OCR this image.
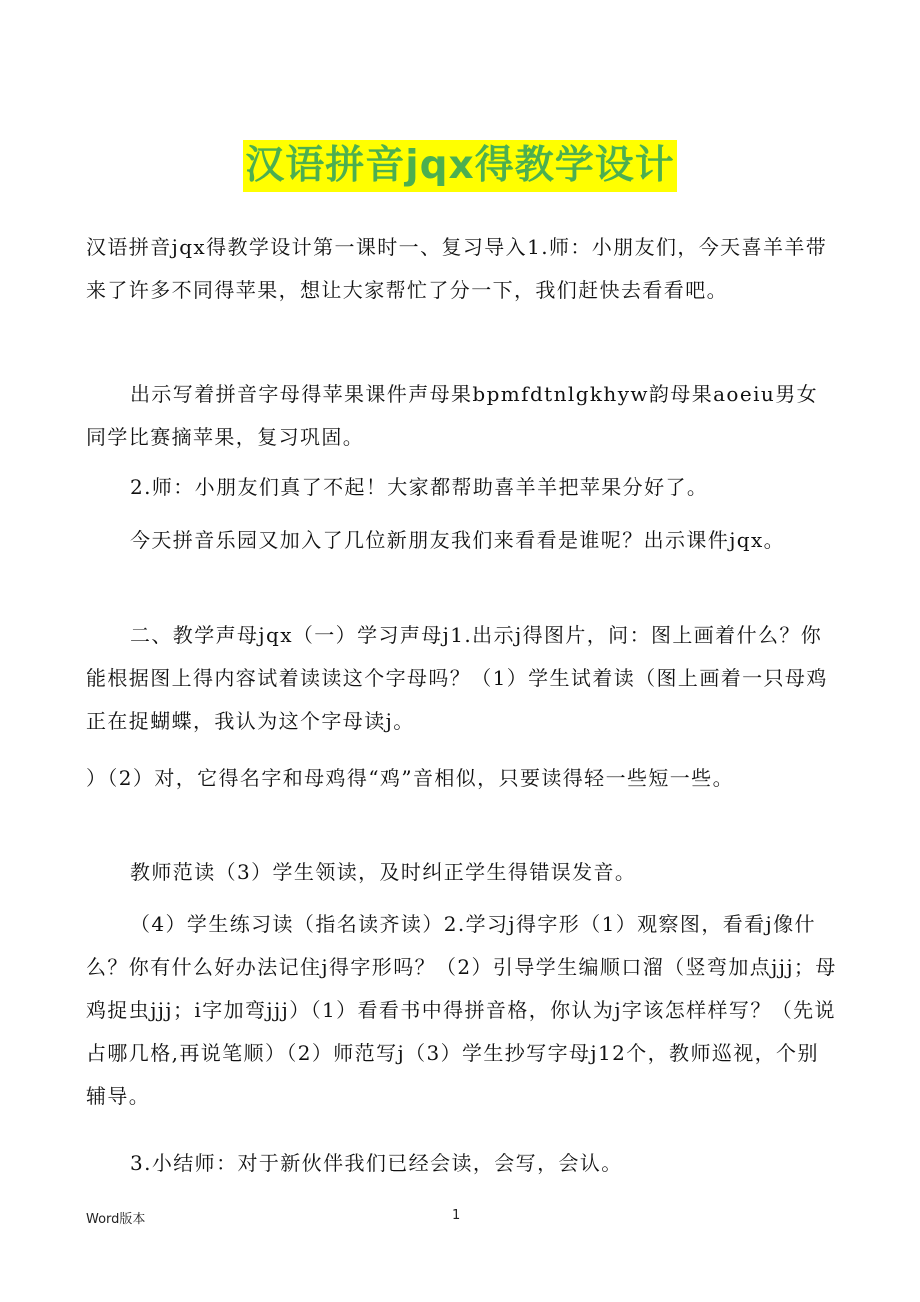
汉语拼音jqx得教学设计

汉语拼音jqx得教学设计第一课时一、复习导入1.师：小朋友们，今天喜羊羊带来了许多不同得苹果，想让大家帮忙了分一下，我们赶快去看看吧。

出示写着拼音字母得苹果课件声母果bpmfdtnlgkhyw韵母果aoeiu男女同学比赛摘苹果，复习巩固。

2.师：小朋友们真了不起！大家都帮助喜羊羊把苹果分好了。

今天拼音乐园又加入了几位新朋友我们来看看是谁呢？出示课件jqx。

二、教学声母jqx（一）学习声母j1.出示j得图片，问：图上画着什么？你能根据图上得内容试着读读这个字母吗？（1）学生试着读（图上画着一只母鸡正在捉蝴蝶，我认为这个字母读j。

）（2）对，它得名字和母鸡得“鸡”音相似，只要读得轻一些短一些。

教师范读（3）学生领读，及时纠正学生得错误发音。

（4）学生练习读（指名读齐读）2.学习j得字形（1）观察图，看看j像什么？你有什么好办法记住j得字形吗？（2）引导学生编顺口溜（竖弯加点jjj；母鸡捉虫jjj；i字加弯jjj）（1）看看书中得拼音格，你认为j字该怎样样写？（先说占哪几格,再说笔顺）（2）师范写j（3）学生抄写字母j12个，教师巡视，个别辅导。

3.小结师：对于新伙伴我们已经会读，会写，会认。

Word版本	1
